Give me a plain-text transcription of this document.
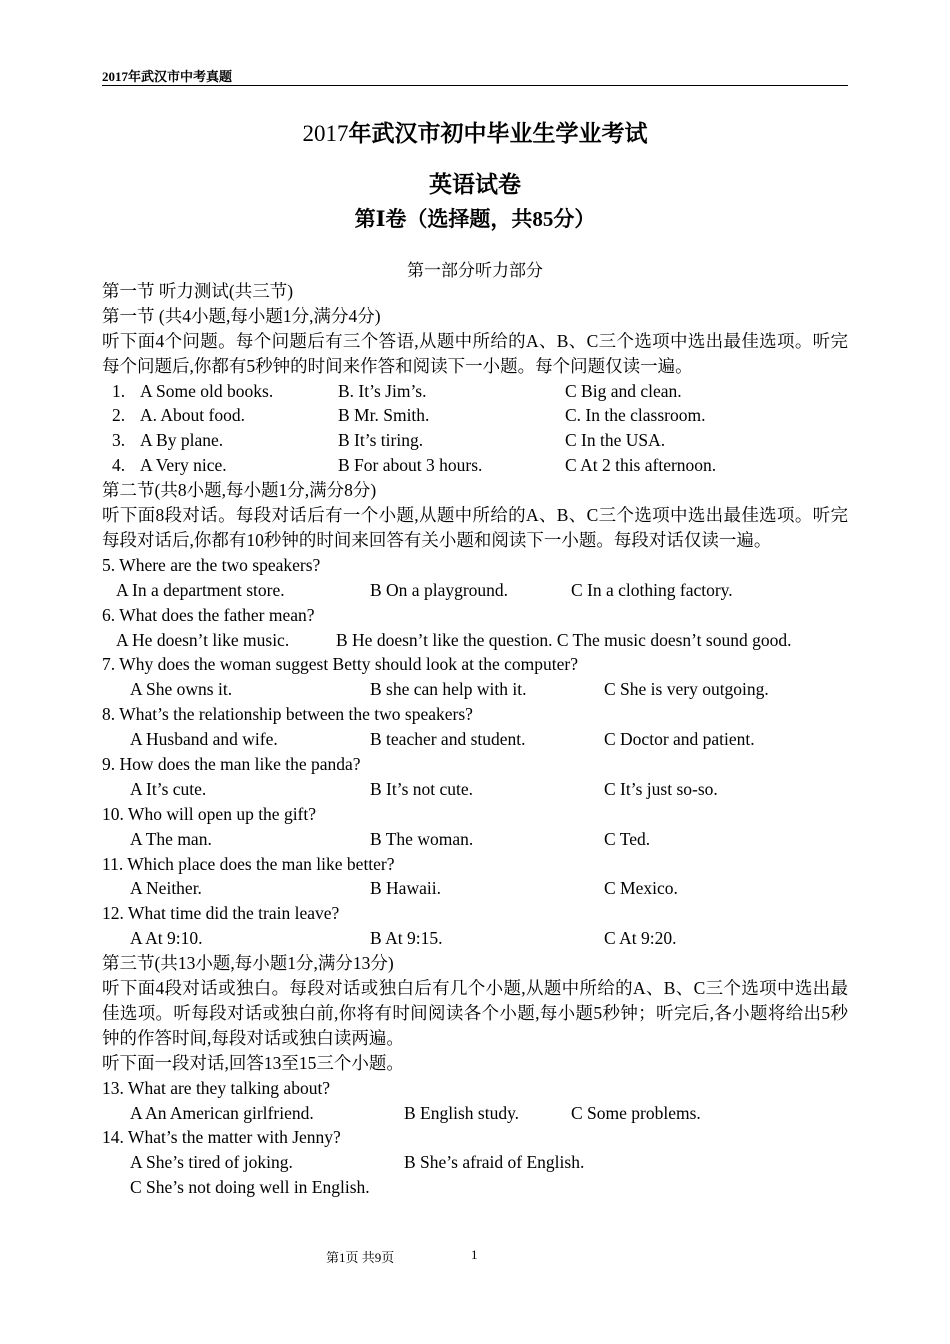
2017年武汉市中考真题
2017年武汉市初中毕业生学业考试
英语试卷
第Ⅰ卷（选择题，共85分）
第一部分听力部分
第一节 听力测试(共三节)
第一节 (共4小题,每小题1分,满分4分)
听下面4个问题。每个问题后有三个答语,从题中所给的A、B、C三个选项中选出最佳选项。听完每个问题后,你都有5秒钟的时间来作答和阅读下一小题。每个问题仅读一遍。
1. A Some old books.	B. It’s Jim’s.	C Big and clean.
2. A. About food.	B Mr. Smith.	C. In the classroom.
3. A By plane.	B It’s tiring.	C In the USA.
4. A Very nice.	B For about 3 hours.	C At 2 this afternoon.
第二节(共8小题,每小题1分,满分8分)
听下面8段对话。每段对话后有一个小题,从题中所给的A、B、C三个选项中选出最佳选项。听完每段对话后,你都有10秒钟的时间来回答有关小题和阅读下一小题。每段对话仅读一遍。
5. Where are the two speakers?
A In a department store.	B On a playground.	C In a clothing factory.
6. What does the father mean?
A He doesn’t like music.	B He doesn’t like the question. C The music doesn’t sound good.
7. Why does the woman suggest Betty should look at the computer?
A She owns it.	B she can help with it.	C She is very outgoing.
8. What’s the relationship between the two speakers?
A Husband and wife.	B teacher and student.	C Doctor and patient.
9. How does the man like the panda?
A It’s cute.	B It’s not cute.	C It’s just so-so.
10. Who will open up the gift?
A The man.	B The woman.	C Ted.
11. Which place does the man like better?
A Neither.	B Hawaii.	C Mexico.
12. What time did the train leave?
A At 9:10.	B At 9:15.	C At 9:20.
第三节(共13小题,每小题1分,满分13分)
听下面4段对话或独白。每段对话或独白后有几个小题,从题中所给的A、B、C三个选项中选出最佳选项。听每段对话或独白前,你将有时间阅读各个小题,每小题5秒钟；听完后,各小题将给出5秒钟的作答时间,每段对话或独白读两遍。
听下面一段对话,回答13至15三个小题。
13. What are they talking about?
A An American girlfriend.	B English study.	C Some problems.
14. What’s the matter with Jenny?
A She’s tired of joking.	B She’s afraid of English.
C She’s not doing well in English.
第1页 共9页	1
